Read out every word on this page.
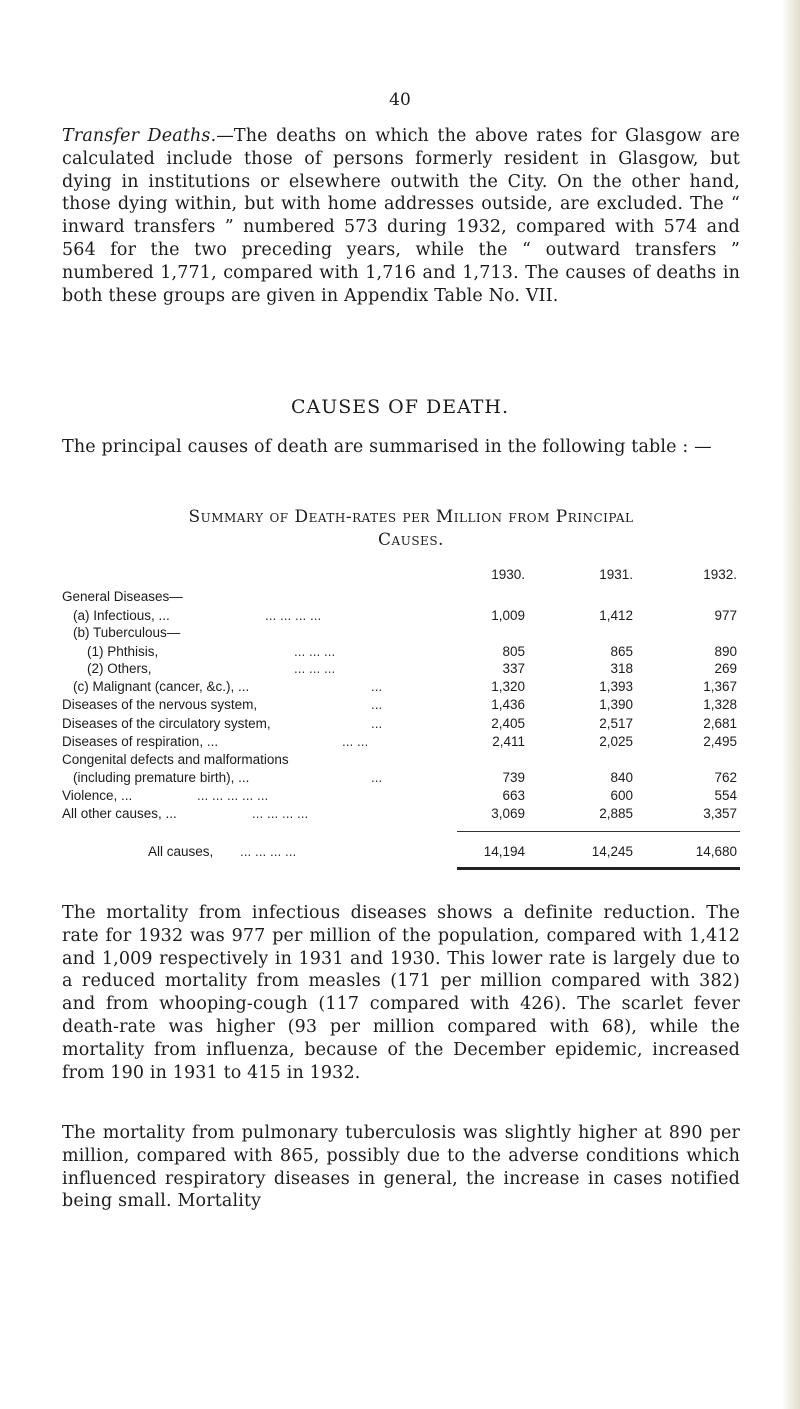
40

Transfer Deaths.—The deaths on which the above rates for Glasgow are calculated include those of persons formerly resident in Glasgow, but dying in institutions or elsewhere outwith the City. On the other hand, those dying within, but with home addresses outside, are excluded. The “ inward transfers ” numbered 573 during 1932, compared with 574 and 564 for the two preceding years, while the “ outward transfers ” numbered 1,771, compared with 1,716 and 1,713. The causes of deaths in both these groups are given in Appendix Table No. VII.

CAUSES OF DEATH.

The principal causes of death are summarised in the following table : —

Summary of Death-rates per Million from Principal
Causes.
1930.	1931.	1932.
General Diseases—
(a) Infectious, ...	... ... ... ...	1,009	1,412	977
(b) Tuberculous—
(1) Phthisis,	... ... ...	805	865	890
(2) Others,	... ... ...	337	318	269
(c) Malignant (cancer, &c.), ...	...	1,320	1,393	1,367
Diseases of the nervous system,	...	1,436	1,390	1,328
Diseases of the circulatory system,	...	2,405	2,517	2,681
Diseases of respiration, ...	... ...	2,411	2,025	2,495
Congenital defects and malformations
(including premature birth), ...	...	739	840	762
Violence, ...	... ... ... ... ...	663	600	554
All other causes, ...	... ... ... ...	3,069	2,885	3,357
All causes, ... ... ... ...	14,194	14,245	14,680

The mortality from infectious diseases shows a definite reduction. The rate for 1932 was 977 per million of the population, compared with 1,412 and 1,009 respectively in 1931 and 1930. This lower rate is largely due to a reduced mortality from measles (171 per million compared with 382) and from whooping-cough (117 compared with 426). The scarlet fever death-rate was higher (93 per million compared with 68), while the mortality from influenza, because of the December epidemic, increased from 190 in 1931 to 415 in 1932.

The mortality from pulmonary tuberculosis was slightly higher at 890 per million, compared with 865, possibly due to the adverse conditions which influenced respiratory diseases in general, the increase in cases notified being small. Mortality
